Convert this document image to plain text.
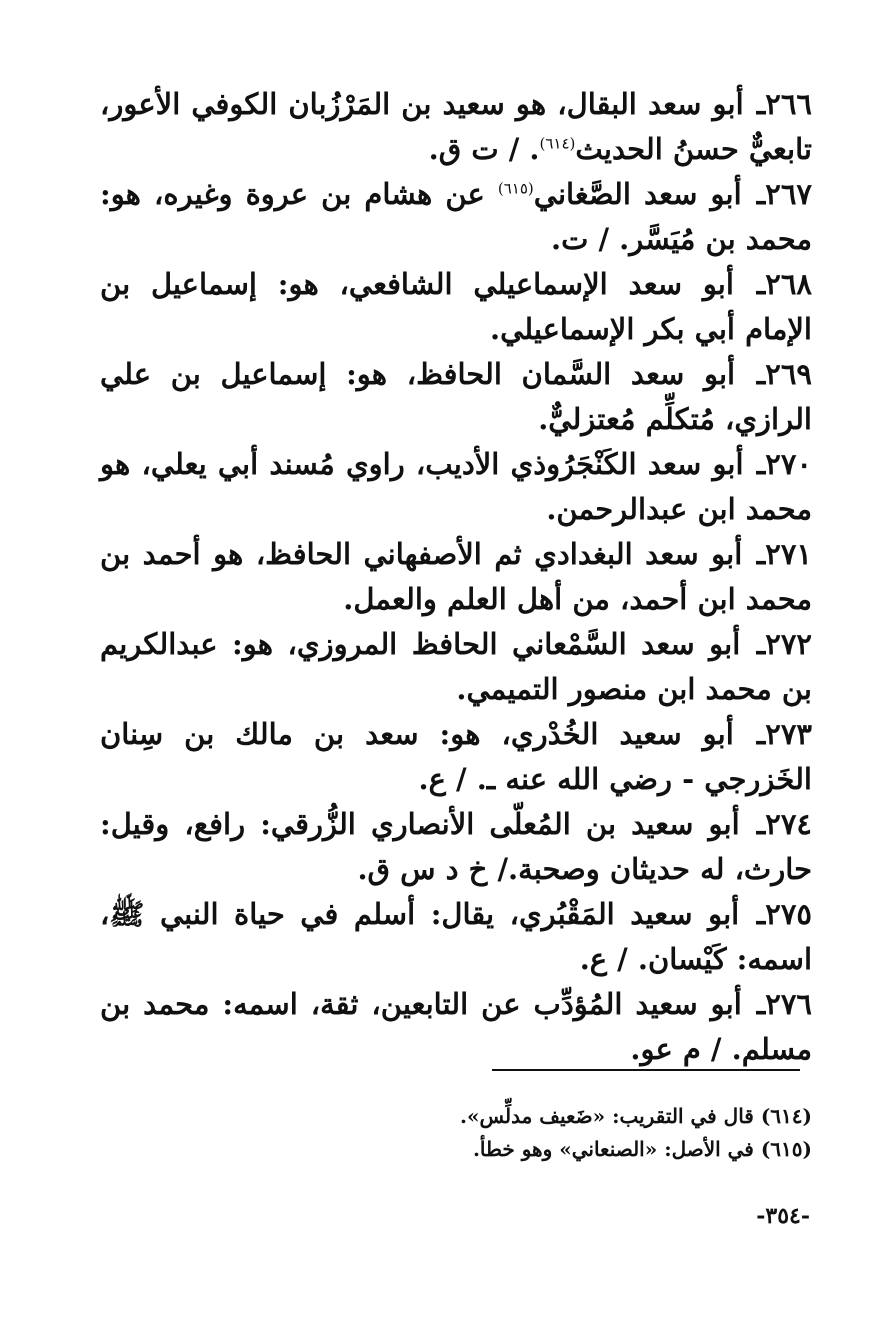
٢٦٦ـ أبو سعد البقال، هو سعيد بن المَرْزُبان الكوفي الأعور، تابعيٌّ حسنُ الحديث$^{(٦١٤)}$. / ت ق.

٢٦٧ـ أبو سعد الصَّغاني$^{(٦١٥)}$ عن هشام بن عروة وغيره، هو: محمد بن مُيَسَّر. / ت.

٢٦٨ـ أبو سعد الإسماعيلي الشافعي، هو: إسماعيل بن الإمام أبي بكر الإسماعيلي.

٢٦٩ـ أبو سعد السَّمان الحافظ، هو: إسماعيل بن علي الرازي، مُتكلِّم مُعتزليٌّ.

٢٧٠ـ أبو سعد الكَنْجَرُوذي الأديب، راوي مُسند أبي يعلي، هو محمد ابن عبدالرحمن.

٢٧١ـ أبو سعد البغدادي ثم الأصفهاني الحافظ، هو أحمد بن محمد ابن أحمد، من أهل العلم والعمل.

٢٧٢ـ أبو سعد السَّمْعاني الحافظ المروزي، هو: عبدالكريم بن محمد ابن منصور التميمي.

٢٧٣ـ أبو سعيد الخُدْري، هو: سعد بن مالك بن سِنان الخَزرجي - رضي الله عنه ـ. / ع.

٢٧٤ـ أبو سعيد بن المُعلّى الأنصاري الزُّرقي: رافع، وقيل: حارث، له حديثان وصحبة./ خ د س ق.

٢٧٥ـ أبو سعيد المَقْبُري، يقال: أسلم في حياة النبي ﷺ، اسمه: كَيْسان. / ع.

٢٧٦ـ أبو سعيد المُؤدِّب عن التابعين، ثقة، اسمه: محمد بن مسلم. / م عو.

(٦١٤) قال في التقريب: «ضَعيف مدلِّس».

(٦١٥) في الأصل: «الصنعاني» وهو خطأ.

-٣٥٤-
